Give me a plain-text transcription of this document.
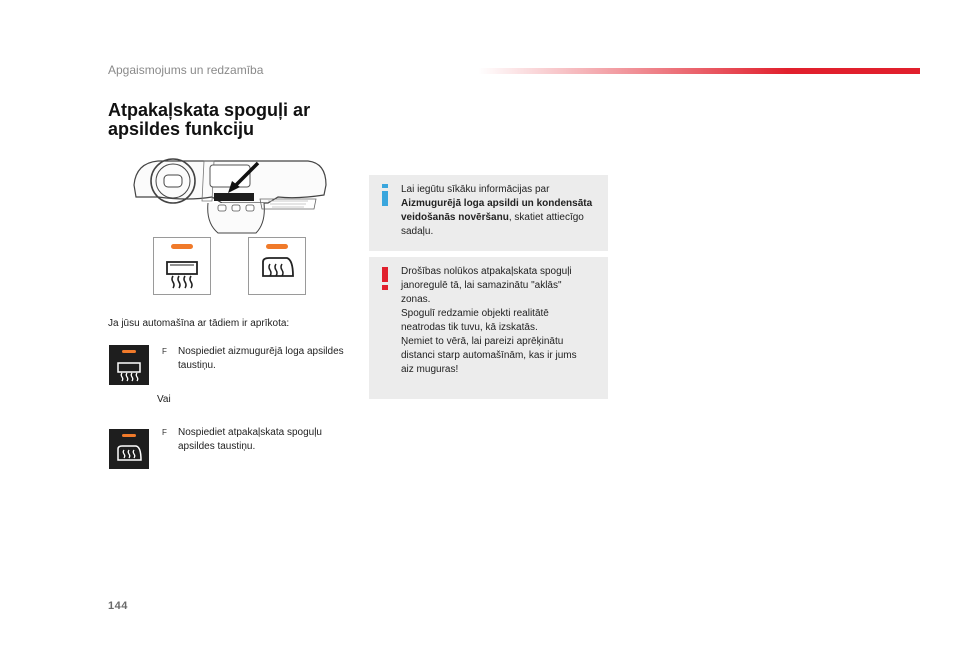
Apgaismojums un redzamība
Atpakaļskata spoguļi ar
apsildes funkciju
Ja jūsu automašīna ar tādiem ir aprīkota:
F Nospiediet aizmugurējā loga apsildes taustiņu.
Vai
F Nospiediet atpakaļskata spoguļu apsildes taustiņu.
Lai iegūtu sīkāku informācijas par Aizmugurējā loga apsildi un kondensāta veidošanās novēršanu, skatiet attiecīgo sadaļu.
Drošības nolūkos atpakaļskata spoguļi
janoregulē tā, lai samazinātu "aklās"
zonas.
Spogulī redzamie objekti realitātē
neatrodas tik tuvu, kā izskatās.
Ņemiet to vērā, lai pareizi aprēķinātu
distanci starp automašīnām, kas ir jums
aiz muguras!
144
